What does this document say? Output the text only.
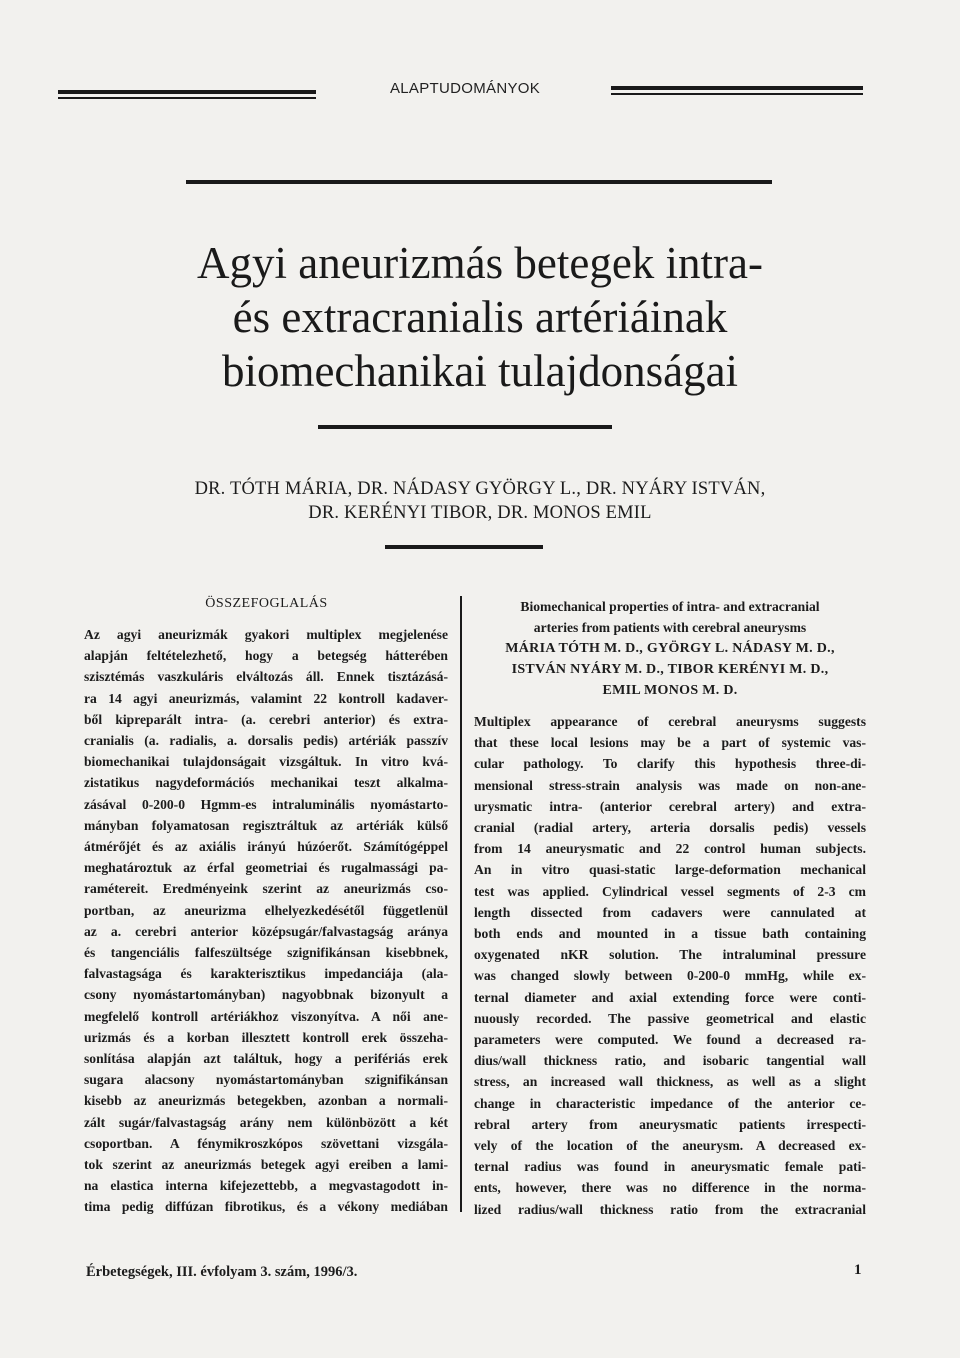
ALAPTUDOMÁNYOK
Agyi aneurizmás betegek intra-
és extracranialis artériáinak
biomechanikai tulajdonságai
DR. TÓTH MÁRIA, DR. NÁDASY GYÖRGY L., DR. NYÁRY ISTVÁN,
DR. KERÉNYI TIBOR, DR. MONOS EMIL
ÖSSZEFOGLALÁS
Az agyi aneurizmák gyakori multiplex megjelenése
alapján feltételezhető, hogy a betegség hátterében
szisztémás vaszkuláris elváltozás áll. Ennek tisztázásá-
ra 14 agyi aneurizmás, valamint 22 kontroll kadaver-
ből kipreparált intra- (a. cerebri anterior) és extra-
cranialis (a. radialis, a. dorsalis pedis) artériák passzív
biomechanikai tulajdonságait vizsgáltuk. In vitro kvá-
zistatikus nagydeformációs mechanikai teszt alkalma-
zásával 0-200-0 Hgmm-es intraluminális nyomástarto-
mányban folyamatosan regisztráltuk az artériák külső
átmérőjét és az axiális irányú húzóerőt. Számítógéppel
meghatároztuk az érfal geometriai és rugalmassági pa-
ramétereit. Eredményeink szerint az aneurizmás cso-
portban, az aneurizma elhelyezkedésétől függetlenül
az a. cerebri anterior középsugár/falvastagság aránya
és tangenciális falfeszültsége szignifikánsan kisebbnek,
falvastagsága és karakterisztikus impedanciája (ala-
csony nyomástartományban) nagyobbnak bizonyult a
megfelelő kontroll artériákhoz viszonyítva. A női ane-
urizmás és a korban illesztett kontroll erek összeha-
sonlítása alapján azt találtuk, hogy a perifériás erek
sugara alacsony nyomástartományban szignifikánsan
kisebb az aneurizmás betegekben, azonban a normali-
zált sugár/falvastagság arány nem különbözött a két
csoportban. A fénymikroszkópos szövettani vizsgála-
tok szerint az aneurizmás betegek agyi ereiben a lami-
na elastica interna kifejezettebb, a megvastagodott in-
tima pedig diffúzan fibrotikus, és a vékony mediában
Biomechanical properties of intra- and extracranial
arteries from patients with cerebral aneurysms
MÁRIA TÓTH M. D., GYÖRGY L. NÁDASY M. D.,
ISTVÁN NYÁRY M. D., TIBOR KERÉNYI M. D.,
EMIL MONOS M. D.
Multiplex appearance of cerebral aneurysms suggests
that these local lesions may be a part of systemic vas-
cular pathology. To clarify this hypothesis three-di-
mensional stress-strain analysis was made on non-ane-
urysmatic intra- (anterior cerebral artery) and extra-
cranial (radial artery, arteria dorsalis pedis) vessels
from 14 aneurysmatic and 22 control human subjects.
An in vitro quasi-static large-deformation mechanical
test was applied. Cylindrical vessel segments of 2-3 cm
length dissected from cadavers were cannulated at
both ends and mounted in a tissue bath containing
oxygenated nKR solution. The intraluminal pressure
was changed slowly between 0-200-0 mmHg, while ex-
ternal diameter and axial extending force were conti-
nuously recorded. The passive geometrical and elastic
parameters were computed. We found a decreased ra-
dius/wall thickness ratio, and isobaric tangential wall
stress, an increased wall thickness, as well as a slight
change in characteristic impedance of the anterior ce-
rebral artery from aneurysmatic patients irrespecti-
vely of the location of the aneurysm. A decreased ex-
ternal radius was found in aneurysmatic female pati-
ents, however, there was no difference in the norma-
lized radius/wall thickness ratio from the extracranial
Érbetegségek, III. évfolyam 3. szám, 1996/3.	1
